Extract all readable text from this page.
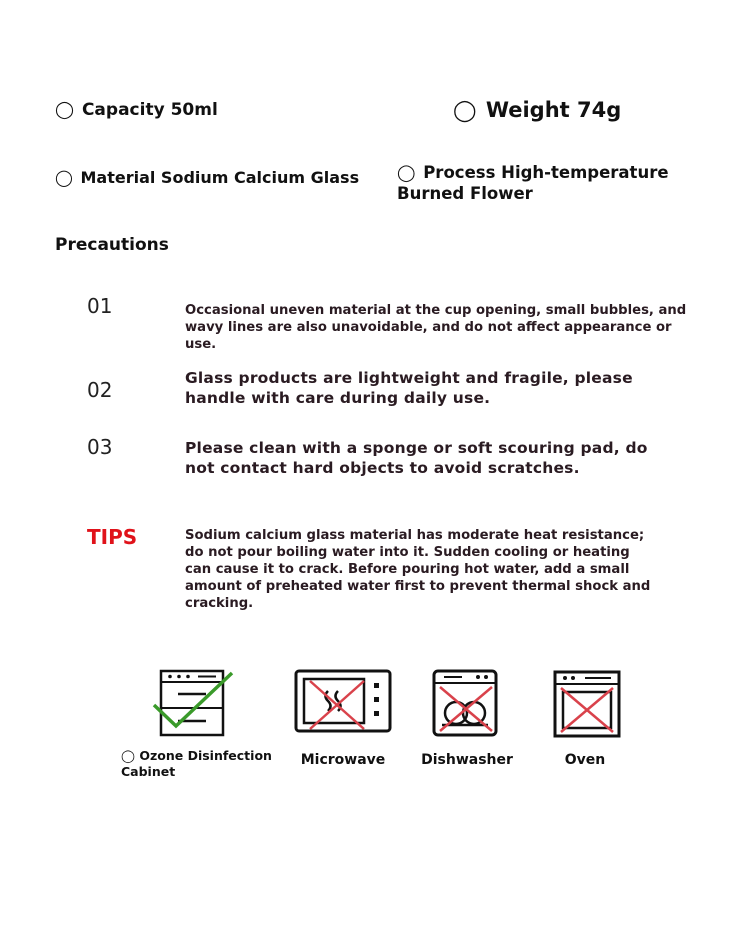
◯ Capacity 50ml	◯ Weight 74g
◯ Material Sodium Calcium Glass ◯ Process High-temperature
Burned Flower
Precautions
01	Occasional uneven material at the cup opening, small bubbles, and wavy lines are also unavoidable, and do not affect appearance or use.
02	Glass products are lightweight and fragile, please handle with care during daily use.
03	Please clean with a sponge or soft scouring pad, do not contact hard objects to avoid scratches.
TIPS	Sodium calcium glass material has moderate heat resistance; do not pour boiling water into it. Sudden cooling or heating can cause it to crack. Before pouring hot water, add a small amount of preheated water first to prevent thermal shock and cracking.
◯ Ozone Disinfection
Cabinet
Microwave	Dishwasher	Oven
